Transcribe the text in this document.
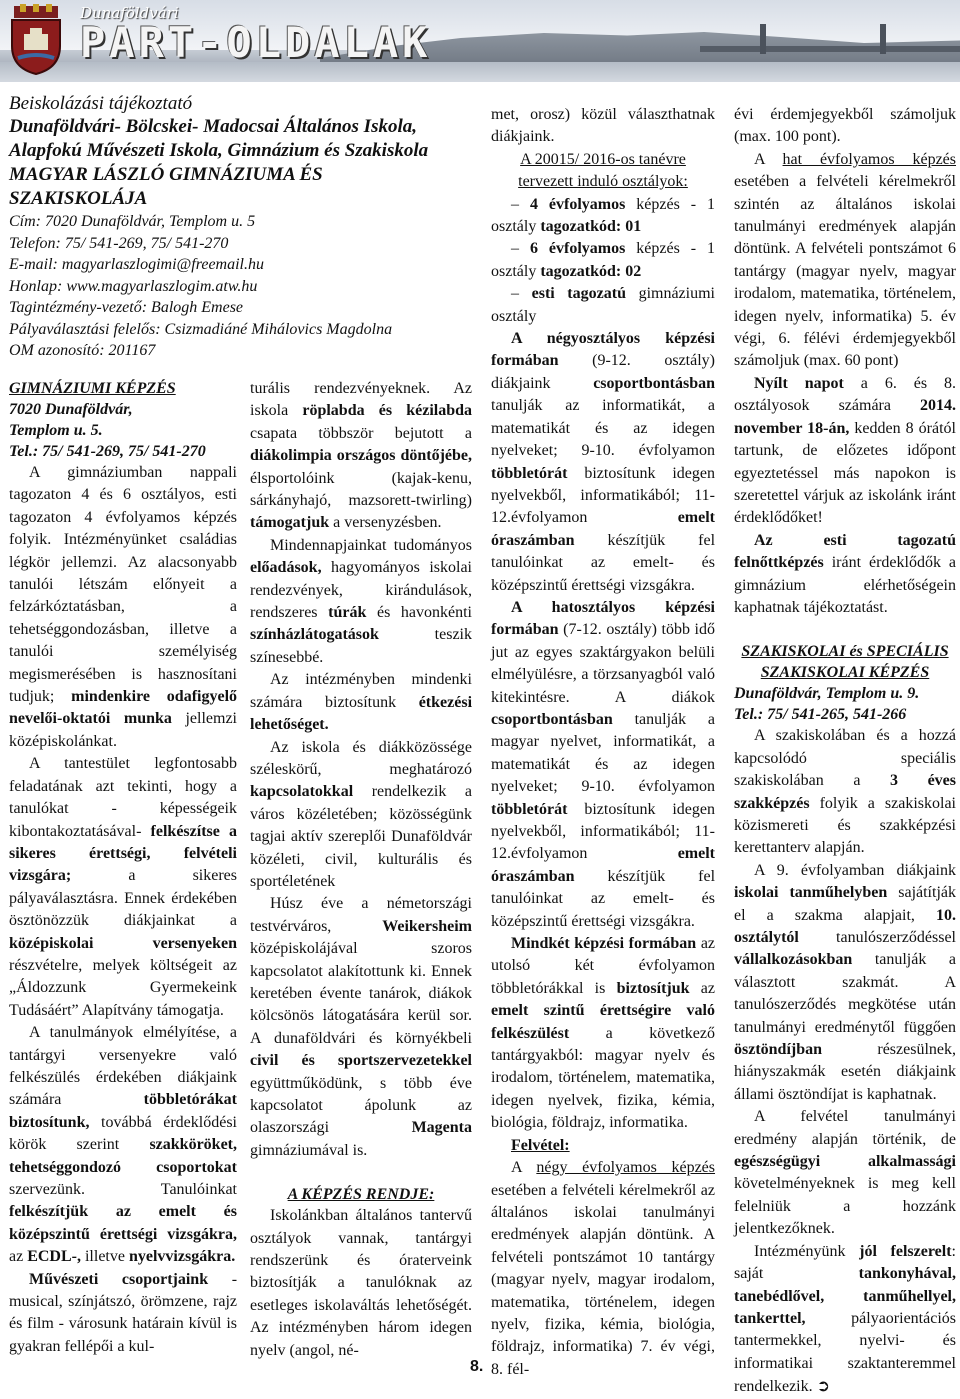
Dunaföldvári
PART-OLDALAK
Beiskolázási tájékoztató
Dunaföldvári- Bölcskei- Madocsai Általános Iskola, Alapfokú Művészeti Iskola, Gimnázium és Szakiskola MAGYAR LÁSZLÓ GIMNÁZIUMA ÉS SZAKISKOLÁJA
Cím: 7020 Dunaföldvár, Templom u. 5
Telefon: 75/ 541-269, 75/ 541-270
E-mail: magyarlaszlogimi@freemail.hu
Honlap: www.magyarlaszlogim.atw.hu
Tagintézmény-vezető: Balogh Emese
Pályaválasztási felelős: Csizmadiáné Mihálovics Magdolna
OM azonosító: 201167
GIMNÁZIUMI KÉPZÉS
7020 Dunaföldvár,
Templom u. 5.
Tel.: 75/ 541-269, 75/ 541-270

A gimnáziumban nappali tagozaton 4 és 6 osztályos, esti tagozaton 4 évfolyamos képzés folyik. Intézményünket családias légkör jellemzi. Az alacsonyabb tanulói létszám előnyeit a felzárkóztatásban, a tehetséggondozásban, illetve a tanulói személyiség megismerésében is hasznosítani tudjuk; mindenkire odafigyelő nevelői-oktatói munka jellemzi középiskolánkat.

A tantestület legfontosabb feladatának azt tekinti, hogy a tanulókat - képességeik kibontakoztatásával- felkészítse a sikeres érettségi, felvételi vizsgára;	a sikeres pályaválasztásra. Ennek érdekében ösztönözzük diákjainkat a középiskolai versenyeken részvételre, melyek költségeit az „Áldozzunk Gyermekeink Tudásáért” Alapítvány támogatja.

A tanulmányok elmélyítése, a tantárgyi versenyekre való felkészülés érdekében diákjaink számára	többletórákat biztosítunk, továbbá érdeklődési körök szerint szakköröket, tehetséggondozó csoportokat szervezünk. Tanulóinkat felkészítjük az emelt és középszintű érettségi vizsgákra, az ECDL-, illetve nyelvvizsgákra.

Művészeti csoportjaink - musical, színjátszó, örömzene, rajz és film - városunk határain kívül is gyakran fellépői a kul-

turális rendezvényeknek. Az iskola röplabda és kézilabda csapata többször bejutott a diákolimpia országos döntőjébe, élsportolóink (kajak-kenu, sárkányhajó, mazsorett-twirling) támogatjuk a versenyzésben.

Mindennapjainkat tudományos előadások, hagyományos iskolai rendezvények, kirándulások, rendszeres túrák és havonkénti színházlátogatások	teszik színesebbé.

Az intézményben mindenki számára biztosítunk étkezési lehetőséget.

Az iskola és diákközössége széleskörű, meghatározó kapcsolatokkal rendelkezik a város közéletében; közösségünk tagjai aktív szereplői Dunaföldvár közéleti, civil, kulturális és sportéletének

Húsz éve a németországi testvérváros,	Weikersheim középiskolájával szoros kapcsolatot alakítottunk ki. Ennek keretében évente tanárok, diákok kölcsönös látogatására kerül sor. A dunaföldvári és környékbeli civil és sportszervezetekkel együttműködünk, s több éve kapcsolatot ápolunk az olaszországi	Magenta gimnáziumával is.

A KÉPZÉS RENDJE:

Iskolánkban általános tantervű osztályok vannak, tantárgyi rendszerünk és óraterveink biztosítják a tanulóknak az esetleges iskolaváltás lehetőségét. Az intézményben három idegen nyelv (angol, né-

met, orosz) közül választhatnak diákjaink.

A 20015/ 2016-os tanévre tervezett induló osztályok:

– 4 évfolyamos képzés - 1 osztály tagozatkód: 01

– 6 évfolyamos képzés - 1 osztály tagozatkód: 02

– esti tagozatú gimnáziumi osztály

A négyosztályos képzési formában (9-12. osztály) diákjaink	csoportbontásban tanulják az informatikát, a matematikát és az idegen nyelveket; 9-10. évfolyamon többletórát biztosítunk idegen nyelvekből, informatikából; 11-12.évfolyamon	emelt óraszámban készítjük fel tanulóinkat az emelt- és középszintű érettségi vizsgákra.

A hatosztályos képzési formában (7-12. osztály) több idő jut az egyes szaktárgyakon belüli elmélyülésre, a törzsanyagból való kitekintésre. A diákok csoportbontásban tanulják a magyar nyelvet, informatikát, a matematikát és az idegen nyelveket; 9-10. évfolyamon többletórát biztosítunk idegen nyelvekből, informatikából; 11-12.évfolyamon	emelt óraszámban készítjük fel tanulóinkat az emelt- és középszintű érettségi vizsgákra.

Mindkét képzési formában az utolsó két évfolyamon többletórákkal is biztosítjuk az emelt szintű érettségire való felkészülést a következő tantárgyakból: magyar nyelv és irodalom, történelem, matematika, idegen nyelvek, fizika, kémia, biológia, földrajz, informatika.

Felvétel:

A négy évfolyamos képzés esetében a felvételi kérelmekről az általános iskolai tanulmányi eredmények alapján döntünk. A felvételi pontszámot 10 tantárgy (magyar nyelv, magyar irodalom, matematika, történelem, idegen nyelv, fizika, kémia, biológia, földrajz, informatika) 7. év végi, 8. fél-

évi érdemjegyekből számoljuk (max. 100 pont).

A hat évfolyamos képzés esetében a felvételi kérelmekről szintén az általános iskolai tanulmányi eredmények alapján döntünk. A felvételi pontszámot 6 tantárgy (magyar nyelv, magyar irodalom, matematika, történelem, idegen nyelv, informatika) 5. év végi, 6. félévi érdemjegyekből számoljuk (max. 60 pont)

Nyílt napot a 6. és 8. osztályosok számára 2014. november 18-án, kedden 8 órától tartunk, de előzetes időpont egyeztetéssel más napokon is szeretettel várjuk az iskolánk iránt érdeklődőket!

Az esti tagozatú felnőttképzés iránt érdeklődők a gimnázium elérhetőségein kaphatnak tájékoztatást.

SZAKISKOLAI és SPECIÁLIS SZAKISKOLAI KÉPZÉS
Dunaföldvár, Templom u. 9.
Tel.: 75/ 541-265, 541-266

A szakiskolában és a hozzá kapcsolódó speciális szakiskolában a 3 éves szakképzés folyik a szakiskolai közismereti és szakképzési kerettanterv alapján.

A 9. évfolyamban diákjaink iskolai tanműhelyben sajátítják el a szakma alapjait, 10. osztálytól tanulószerződéssel vállalkozásokban tanulják a választott szakmát. A tanulószerződés megkötése után tanulmányi eredménytől függően ösztöndíjban	részesülnek, hiányszakmák esetén diákjaink állami ösztöndíjat is kaphatnak.

A felvétel tanulmányi eredmény alapján történik, de egészségügyi alkalmassági követelményeknek is meg kell felelniük a hozzánk jelentkezőknek.

Intézményünk jól felszerelt: saját	tankonyhával, tanebédlővel, tanműhellyel, tankerttel,	pályaorientációs tantermekkel, nyelvi- és informatikai szaktanteremmel rendelkezik. ➲

8.
